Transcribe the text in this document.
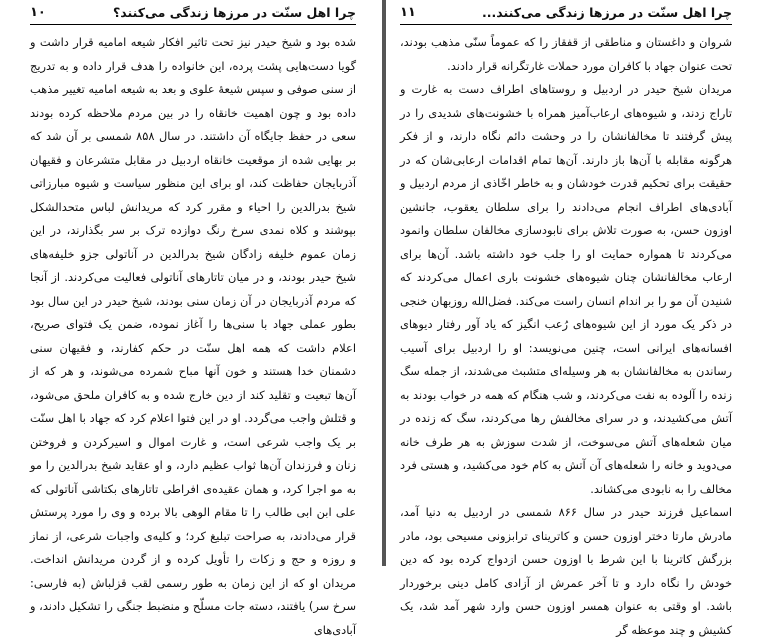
چرا اهل سنّت در مرزها زندگی می‌کنند؟
۱۰

شده بود و شیخ حیدر نیز تحت تاثیر افکار شیعه امامیه قرار داشت و گویا دست‌هایی پشت پرده، این خانواده را هدف قرار داده و به تدریج از سنی صوفی و سپس شیعهٔ علوی و بعد به شیعه امامیه تغییر مذهب داده بود و چون اهمیت خانقاه را در بین مردم ملاحظه کرده بودند سعی در حفظ جایگاه آن داشتند. در سال ۸۵۸ شمسی بر آن شد که بر بهایی شده از موقعیت خانقاه اردبیل در مقابل متشرعان و فقیهان آذربایجان حفاظت کند، او برای این منظور سیاست و شیوه مبارزاتی شیخ بدرالدین را احیاء و مقرر کرد که مریدانش لباس متحدالشکل بپوشند و کلاه نمدی سرخ رنگ دوازده ترک بر سر بگذارند، در این زمان عموم خلیفه زادگان شیخ بدرالدین در آناتولی جزو خلیفه‌های شیخ حیدر بودند، و در میان تاتارهای آناتولی فعالیت می‌کردند. از آنجا که مردم آذربایجان در آن زمان سنی بودند، شیخ حیدر در این سال بود بطور عملی جهاد با سنی‌ها را آغاز نموده، ضمن یک فتوای صریح، اعلام داشت که همه اهل سنّت در حکم کفارند، و فقیهان سنی دشمنان خدا هستند و خون آنها مباح شمرده می‌شوند، و هر که از آن‌ها تبعیت و تقلید کند از دین خارج شده و به کافران ملحق می‌شود، و قتلش واجب می‌گردد. او در این فتوا اعلام کرد که جهاد با اهل سنّت بر یک واجب شرعی است، و غارت اموال و اسیرکردن و فروختن زنان و فرزندان آن‌ها ثواب عظیم دارد، و او عقاید شیخ بدرالدین را مو به مو اجرا کرد، و همان عقیده‌ی افراطی تاتارهای بکتاشی آناتولی که علی ابن ابی طالب را تا مقام الوهی بالا برده و وی را مورد پرستش قرار می‌دادند، به صراحت تبلیغ کرد؛ و کلیه‌ی واجبات شرعی، از نماز و روزه و حج و زکات را تأویل کرده و از گردن مریدانش انداخت. مریدان او که از این زمان به طور رسمی لقب قزلباش (به فارسی: سرخ سر) یافتند، دسته جات مسلّح و منضبط جنگی را تشکیل دادند، و آبادی‌های

چرا اهل سنّت در مرزها زندگی می‌کنند...
۱۱

شروان و داغستان و مناطقی از قفقاز را که عموماً سنّی مذهب بودند، تحت عنوان جهاد با کافران مورد حملات غارتگرانه قرار دادند.

مریدان شیخ حیدر در اردبیل و روستاهای اطراف دست به غارت و تاراج زدند، و شیوه‌های ارعاب‌آمیز همراه با خشونت‌های شدیدی را در پیش گرفتند تا مخالفانشان را در وحشت دائم نگاه دارند، و از فکر هرگونه مقابله با آن‌ها باز دارند. آن‌ها تمام اقدامات ارعابی‌شان که در حقیقت برای تحکیم قدرت خودشان و به خاطر اخّاذی از مردم اردبیل و آبادی‌های اطراف انجام می‌دادند را برای سلطان یعقوب، جانشین اوزون حسن، به صورت تلاش برای نابودسازی مخالفان سلطان وانمود می‌کردند تا همواره حمایت او را جلب خود داشته باشد. آن‌ها برای ارعاب مخالفانشان چنان شیوه‌های خشونت باری اعمال می‌کردند که شنیدن آن مو را بر اندام انسان راست می‌کند. فضل‌الله روزبهان خنجی در ذکر یک مورد از این شیوه‌های رُعب انگیز که یاد آور رفتار دیوهای افسانه‌های ایرانی است، چنین می‌نویسد: او را اردبیل برای آسیب رساندن به مخالفانشان به هر وسیله‌ای متشبث می‌شدند، از جمله سگ زنده را آلوده به نفت می‌کردند، و شب هنگام که همه در خواب بودند به آتش می‌کشیدند، و در سرای مخالفش رها می‌کردند، سگ که زنده در میان شعله‌های آتش می‌سوخت، از شدت سوزش به هر طرف خانه می‌دوید و خانه را شعله‌های آن آتش به کام خود می‌کشید، و هستی فرد مخالف را به نابودی می‌کشاند.

اسماعیل فرزند حیدر در سال ۸۶۶ شمسی در اردبیل به دنیا آمد، مادرش مارتا دختر اوزون حسن و کاترینای ترابزونی مسیحی بود، مادر بزرگش کاترینا با این شرط با اوزون حسن ازدواج کرده بود که دین خودش را نگاه دارد و تا آخر عمرش از آزادی کامل دینی برخوردار باشد. او وقتی به عنوان همسر اوزون حسن وارد شهر آمد شد، یک کشیش و چند موعظه گر
